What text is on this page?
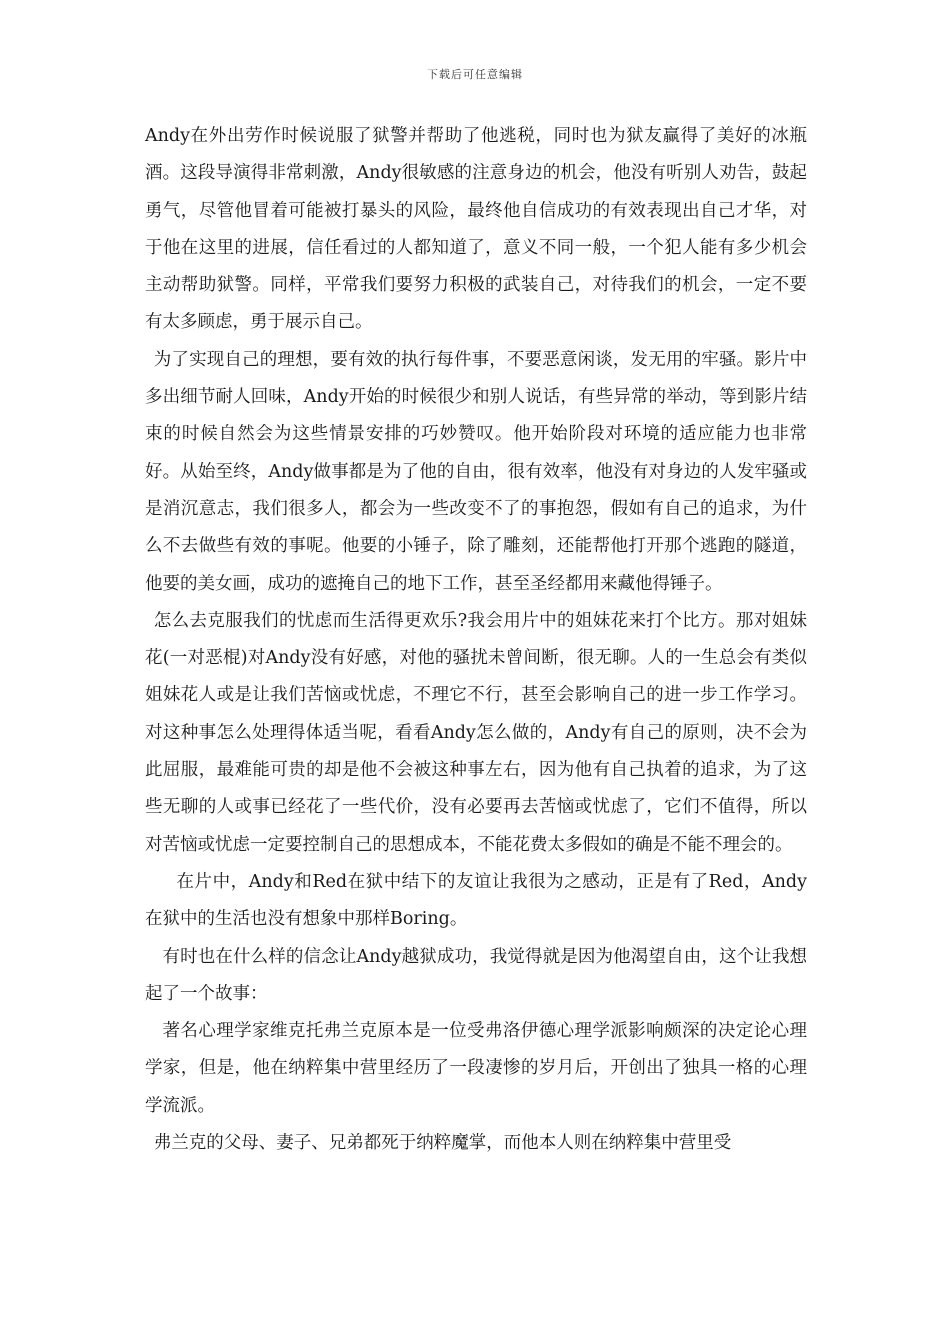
下载后可任意编辑

Andy在外出劳作时候说服了狱警并帮助了他逃税，同时也为狱友赢得了美好的冰瓶酒。这段导演得非常刺激，Andy很敏感的注意身边的机会，他没有听别人劝告，鼓起勇气，尽管他冒着可能被打暴头的风险，最终他自信成功的有效表现出自己才华，对于他在这里的进展，信任看过的人都知道了，意义不同一般，一个犯人能有多少机会主动帮助狱警。同样，平常我们要努力积极的武装自己，对待我们的机会，一定不要有太多顾虑，勇于展示自己。

为了实现自己的理想，要有效的执行每件事，不要恶意闲谈，发无用的牢骚。影片中多出细节耐人回味，Andy开始的时候很少和别人说话，有些异常的举动，等到影片结束的时候自然会为这些情景安排的巧妙赞叹。他开始阶段对环境的适应能力也非常好。从始至终，Andy做事都是为了他的自由，很有效率，他没有对身边的人发牢骚或是消沉意志，我们很多人，都会为一些改变不了的事抱怨，假如有自己的追求，为什么不去做些有效的事呢。他要的小锤子，除了雕刻，还能帮他打开那个逃跑的隧道，他要的美女画，成功的遮掩自己的地下工作，甚至圣经都用来藏他得锤子。

怎么去克服我们的忧虑而生活得更欢乐?我会用片中的姐妹花来打个比方。那对姐妹花(一对恶棍)对Andy没有好感，对他的骚扰未曾间断，很无聊。人的一生总会有类似姐妹花人或是让我们苦恼或忧虑，不理它不行，甚至会影响自己的进一步工作学习。对这种事怎么处理得体适当呢，看看Andy怎么做的，Andy有自己的原则，决不会为此屈服，最难能可贵的却是他不会被这种事左右，因为他有自己执着的追求，为了这些无聊的人或事已经花了一些代价，没有必要再去苦恼或忧虑了，它们不值得，所以对苦恼或忧虑一定要控制自己的思想成本，不能花费太多假如的确是不能不理会的。

在片中，Andy和Red在狱中结下的友谊让我很为之感动，正是有了Red，Andy在狱中的生活也没有想象中那样Boring。

有时也在什么样的信念让Andy越狱成功，我觉得就是因为他渴望自由，这个让我想起了一个故事：

著名心理学家维克托弗兰克原本是一位受弗洛伊德心理学派影响颇深的决定论心理学家，但是，他在纳粹集中营里经历了一段凄惨的岁月后，开创出了独具一格的心理学流派。

弗兰克的父母、妻子、兄弟都死于纳粹魔掌，而他本人则在纳粹集中营里受
